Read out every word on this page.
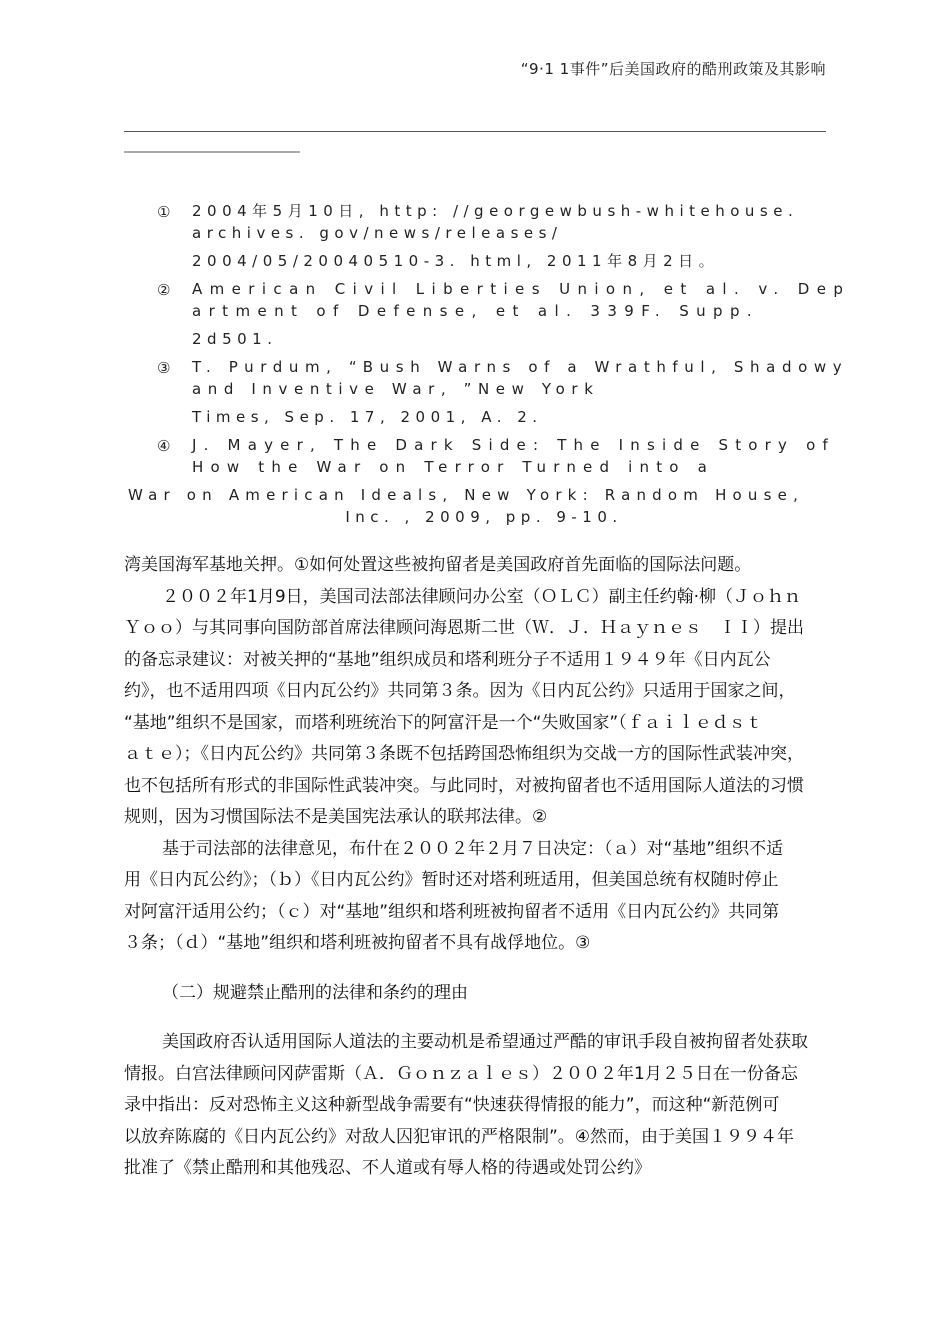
“9·1 1事件”后美国政府的酷刑政策及其影响
① 2004年5月10日, http: //georgewbush-whitehouse.
archives. gov/news/releases/
2004/05/20040510-3. html, 2011年8月2日。
② American Civil Liberties Union, et al. v. Dep
artment of Defense, et al. 339F. Supp.
2d501.
③ T. Purdum, “Bush Warns of a Wrathful, Shadowy
and Inventive War, ”New York
Times, Sep. 17, 2001, A. 2.
④ J. Mayer, The Dark Side: The Inside Story of
How the War on Terror Turned into a
War on American Ideals, New York: Random House,
Inc. , 2009, pp. 9-10.

湾美国海军基地关押。①如何处置这些被拘留者是美国政府首先面临的国际法问题。

２００２年1月9日，美国司法部法律顾问办公室（ＯＬＣ）副主任约翰·柳（Ｊｏｈｎ

Ｙｏｏ）与其同事向国防部首席法律顾问海恩斯二世（Ｗ．Ｊ．Ｈａｙｎｅｓ　ＩＩ）提出

的备忘录建议：对被关押的“基地”组织成员和塔利班分子不适用１９４９年《日内瓦公

约》，也不适用四项《日内瓦公约》共同第３条。因为《日内瓦公约》只适用于国家之间，

“基地”组织不是国家，而塔利班统治下的阿富汗是一个“失败国家”（ｆａｉｌｅｄｓｔ

ａｔｅ）；《日内瓦公约》共同第３条既不包括跨国恐怖组织为交战一方的国际性武装冲突，

也不包括所有形式的非国际性武装冲突。与此同时，对被拘留者也不适用国际人道法的习惯

规则，因为习惯国际法不是美国宪法承认的联邦法律。②

基于司法部的法律意见，布什在２００２年２月７日决定：（ａ）对“基地”组织不适

用《日内瓦公约》；（ｂ）《日内瓦公约》暂时还对塔利班适用，但美国总统有权随时停止

对阿富汗适用公约；（ｃ）对“基地”组织和塔利班被拘留者不适用《日内瓦公约》共同第

３条；（ｄ）“基地”组织和塔利班被拘留者不具有战俘地位。③

（二）规避禁止酷刑的法律和条约的理由

美国政府否认适用国际人道法的主要动机是希望通过严酷的审讯手段自被拘留者处获取

情报。白宫法律顾问冈萨雷斯（Ａ．Ｇｏｎｚａｌｅｓ）２００２年1月２５日在一份备忘

录中指出：反对恐怖主义这种新型战争需要有“快速获得情报的能力”，而这种“新范例可

以放弃陈腐的《日内瓦公约》对敌人囚犯审讯的严格限制”。④然而，由于美国１９９４年

批准了《禁止酷刑和其他残忍、不人道或有辱人格的待遇或处罚公约》
